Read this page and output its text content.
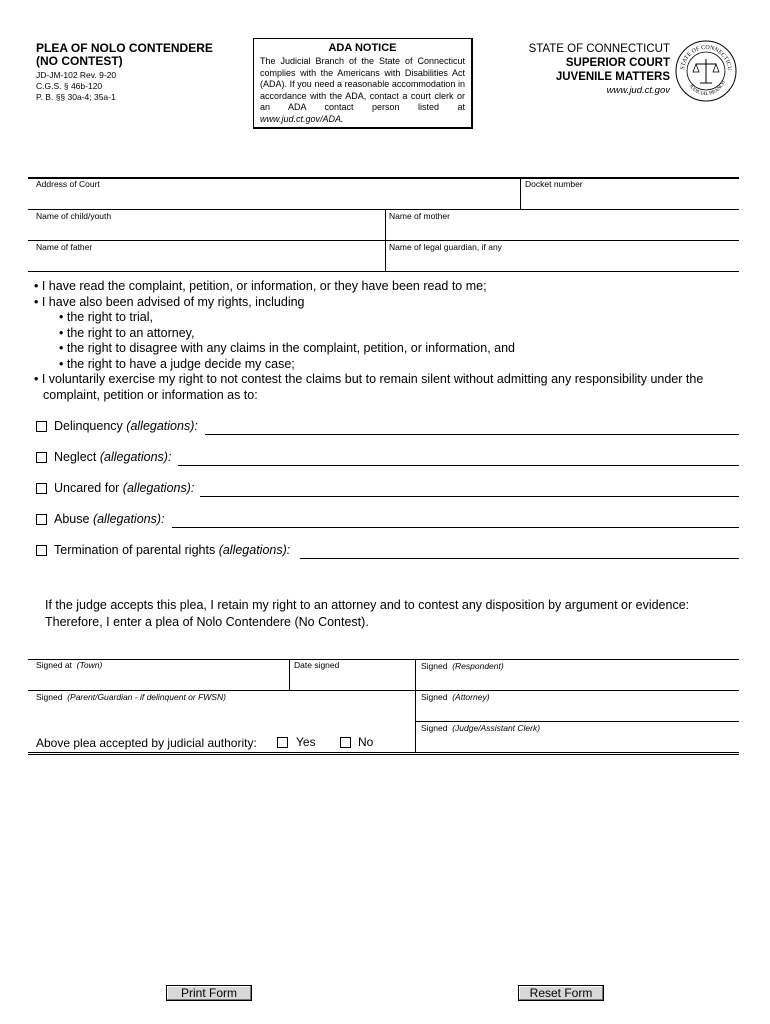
PLEA OF NOLO CONTENDERE
(NO CONTEST)
JD-JM-102 Rev. 9-20
C.G.S. § 46b-120
P. B. §§ 30a-4; 35a-1
ADA NOTICE
The Judicial Branch of the State of Connecticut complies with the Americans with Disabilities Act (ADA). If you need a reasonable accommodation in accordance with the ADA, contact a court clerk or an ADA contact person listed at www.jud.ct.gov/ADA.
STATE OF CONNECTICUT
SUPERIOR COURT
JUVENILE MATTERS
www.jud.ct.gov
STATE OF CONNECTICU
JUDICIAL BRANCH
Address of Court	Docket number
Name of child/youth	Name of mother
Name of father	Name of legal guardian, if any
• I have read the complaint, petition, or information, or they have been read to me;
• I have also been advised of my rights, including
• the right to trial,
• the right to an attorney,
• the right to disagree with any claims in the complaint, petition, or information, and
• the right to have a judge decide my case;
• I voluntarily exercise my right to not contest the claims but to remain silent without admitting any responsibility under the
complaint, petition or information as to:
Delinquency (allegations):
Neglect (allegations):
Uncared for (allegations):
Abuse (allegations):
Termination of parental rights (allegations):
If the judge accepts this plea, I retain my right to an attorney and to contest any disposition by argument or evidence:
Therefore, I enter a plea of Nolo Contendere (No Contest).
Signed at (Town)	Date signed	Signed (Respondent)
Signed (Parent/Guardian - if delinquent or FWSN)	Signed (Attorney)
Signed (Judge/Assistant Clerk)
Above plea accepted by judicial authority:	Yes	No
Print Form	Reset Form
